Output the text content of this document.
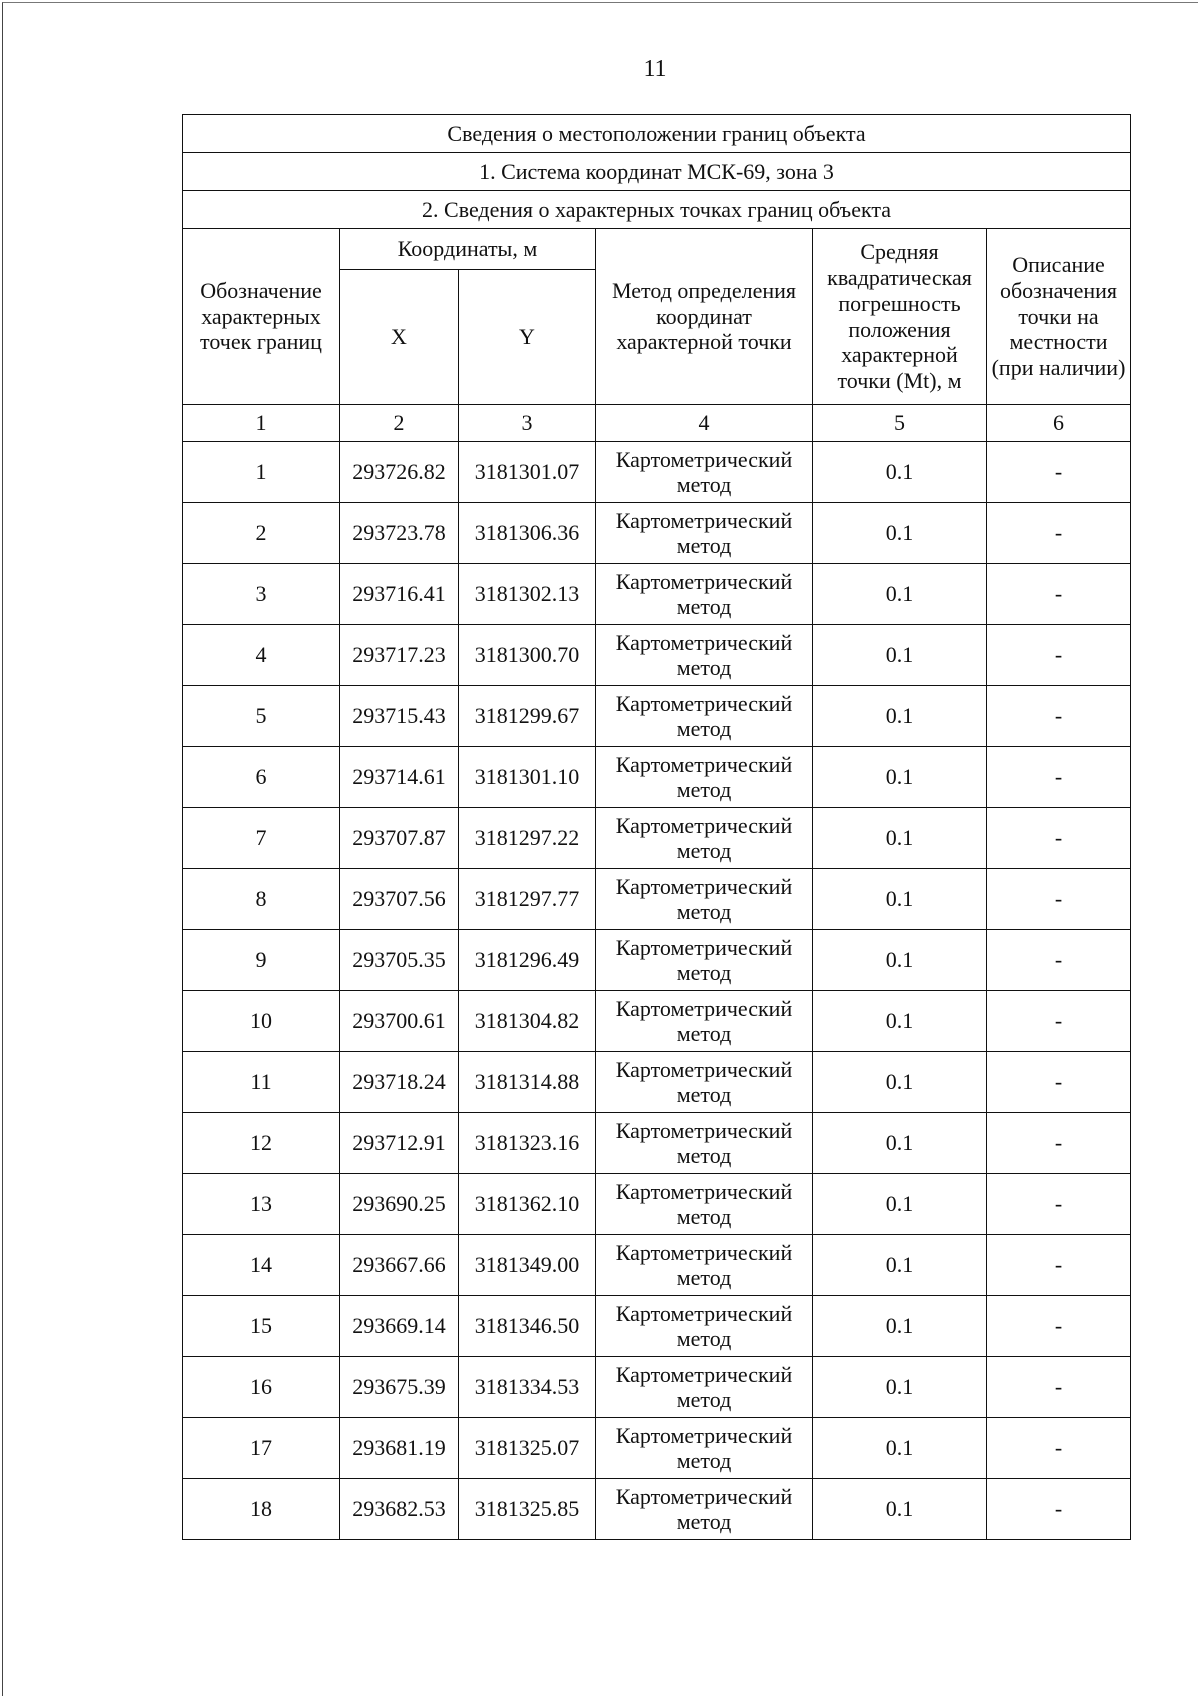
11
Сведения о местоположении границ объекта					
1. Система координат МСК-69, зона 3					
2. Сведения о характерных точках границ объекта					
Обозначение характерных точек границ	Координаты, м		Метод определения координат характерной точки	Средняя квадратическая погрешность положения характерной точки (Mt), м	Описание обозначения точки на местности (при наличии)
	X	Y			
1	2	3	4	5	6
1	293726.82	3181301.07	Картометрический метод	0.1	-
2	293723.78	3181306.36	Картометрический метод	0.1	-
3	293716.41	3181302.13	Картометрический метод	0.1	-
4	293717.23	3181300.70	Картометрический метод	0.1	-
5	293715.43	3181299.67	Картометрический метод	0.1	-
6	293714.61	3181301.10	Картометрический метод	0.1	-
7	293707.87	3181297.22	Картометрический метод	0.1	-
8	293707.56	3181297.77	Картометрический метод	0.1	-
9	293705.35	3181296.49	Картометрический метод	0.1	-
10	293700.61	3181304.82	Картометрический метод	0.1	-
11	293718.24	3181314.88	Картометрический метод	0.1	-
12	293712.91	3181323.16	Картометрический метод	0.1	-
13	293690.25	3181362.10	Картометрический метод	0.1	-
14	293667.66	3181349.00	Картометрический метод	0.1	-
15	293669.14	3181346.50	Картометрический метод	0.1	-
16	293675.39	3181334.53	Картометрический метод	0.1	-
17	293681.19	3181325.07	Картометрический метод	0.1	-
18	293682.53	3181325.85	Картометрический метод	0.1	-
